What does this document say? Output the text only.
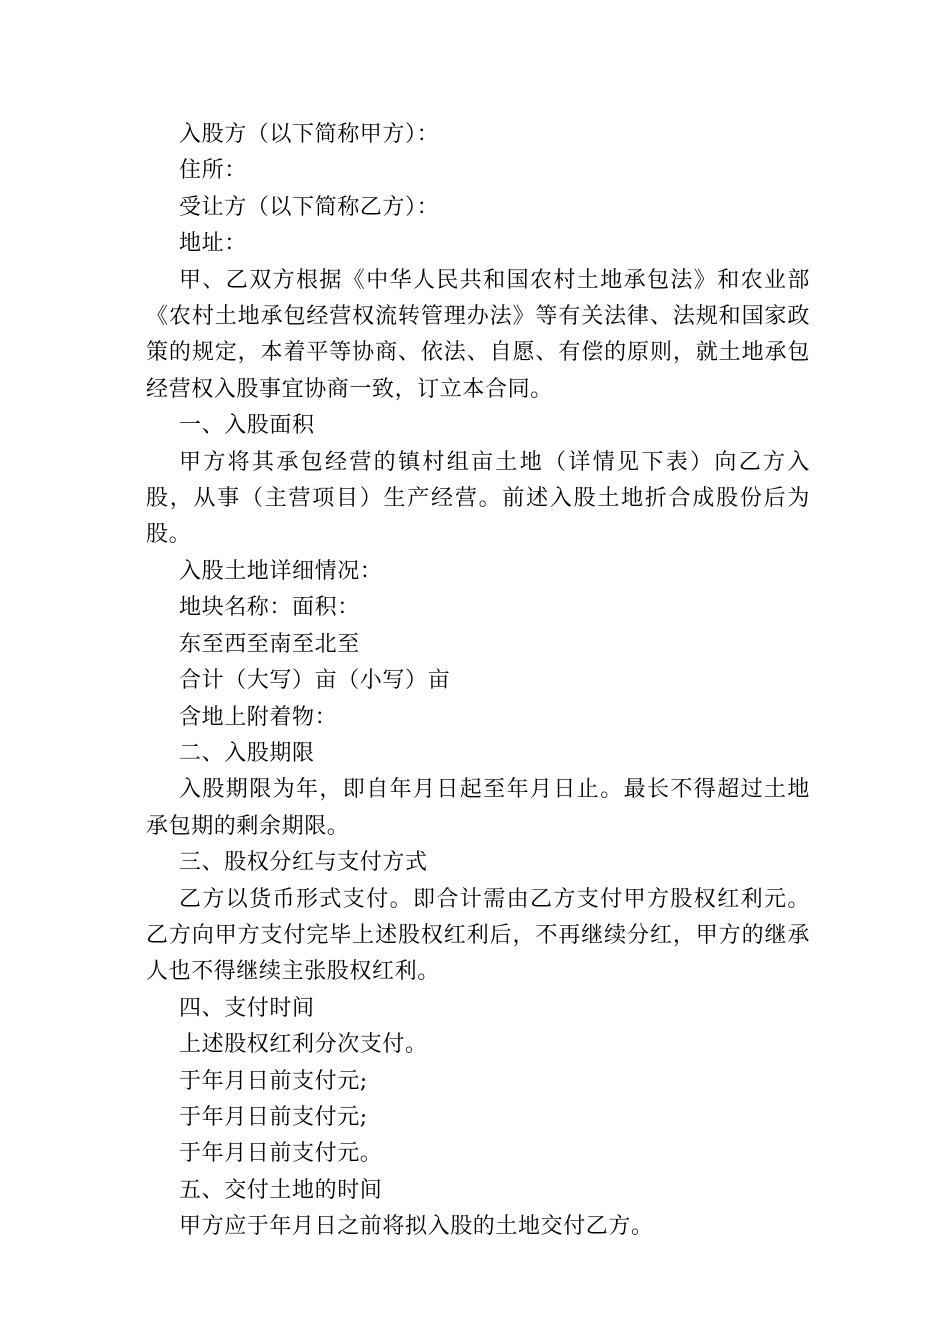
入股方（以下简称甲方）：

住所：

受让方（以下简称乙方）：

地址：

甲、乙双方根据《中华人民共和国农村土地承包法》和农业部《农村土地承包经营权流转管理办法》等有关法律、法规和国家政策的规定，本着平等协商、依法、自愿、有偿的原则，就土地承包经营权入股事宜协商一致，订立本合同。

一、入股面积

甲方将其承包经营的镇村组亩土地（详情见下表）向乙方入股，从事（主营项目）生产经营。前述入股土地折合成股份后为股。

入股土地详细情况：

地块名称：面积：

东至西至南至北至

合计（大写）亩（小写）亩

含地上附着物：

二、入股期限

入股期限为年，即自年月日起至年月日止。最长不得超过土地承包期的剩余期限。

三、股权分红与支付方式

乙方以货币形式支付。即合计需由乙方支付甲方股权红利元。乙方向甲方支付完毕上述股权红利后，不再继续分红，甲方的继承人也不得继续主张股权红利。

四、支付时间

上述股权红利分次支付。

于年月日前支付元;

于年月日前支付元;

于年月日前支付元。

五、交付土地的时间

甲方应于年月日之前将拟入股的土地交付乙方。
